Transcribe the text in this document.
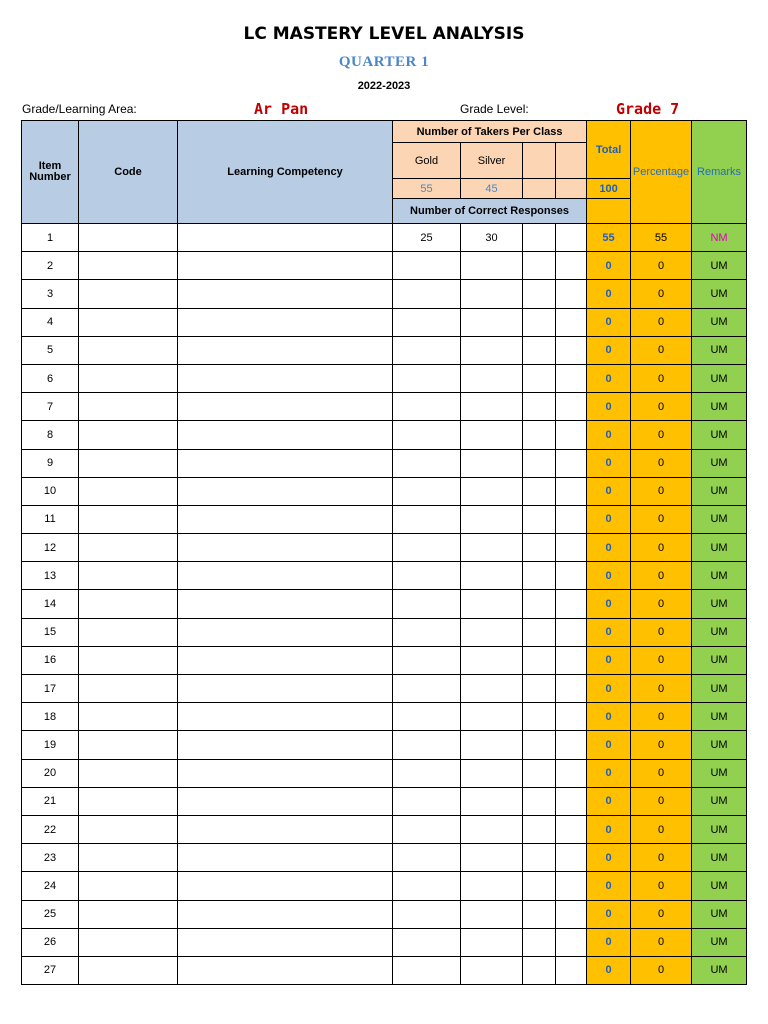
LC MASTERY LEVEL ANALYSIS
QUARTER 1
2022-2023
Grade/Learning Area:	Ar Pan	Grade Level:	Grade 7
Item Number	Code	Learning Competency	Number of Takers Per Class				Total	Percentage	Remarks
			Gold	Silver					
			55	45			100		
			Number of Correct Responses						
1			25	30			55	55	NM
2							0	0	UM
3							0	0	UM
4							0	0	UM
5							0	0	UM
6							0	0	UM
7							0	0	UM
8							0	0	UM
9							0	0	UM
10							0	0	UM
11							0	0	UM
12							0	0	UM
13							0	0	UM
14							0	0	UM
15							0	0	UM
16							0	0	UM
17							0	0	UM
18							0	0	UM
19							0	0	UM
20							0	0	UM
21							0	0	UM
22							0	0	UM
23							0	0	UM
24							0	0	UM
25							0	0	UM
26							0	0	UM
27							0	0	UM
